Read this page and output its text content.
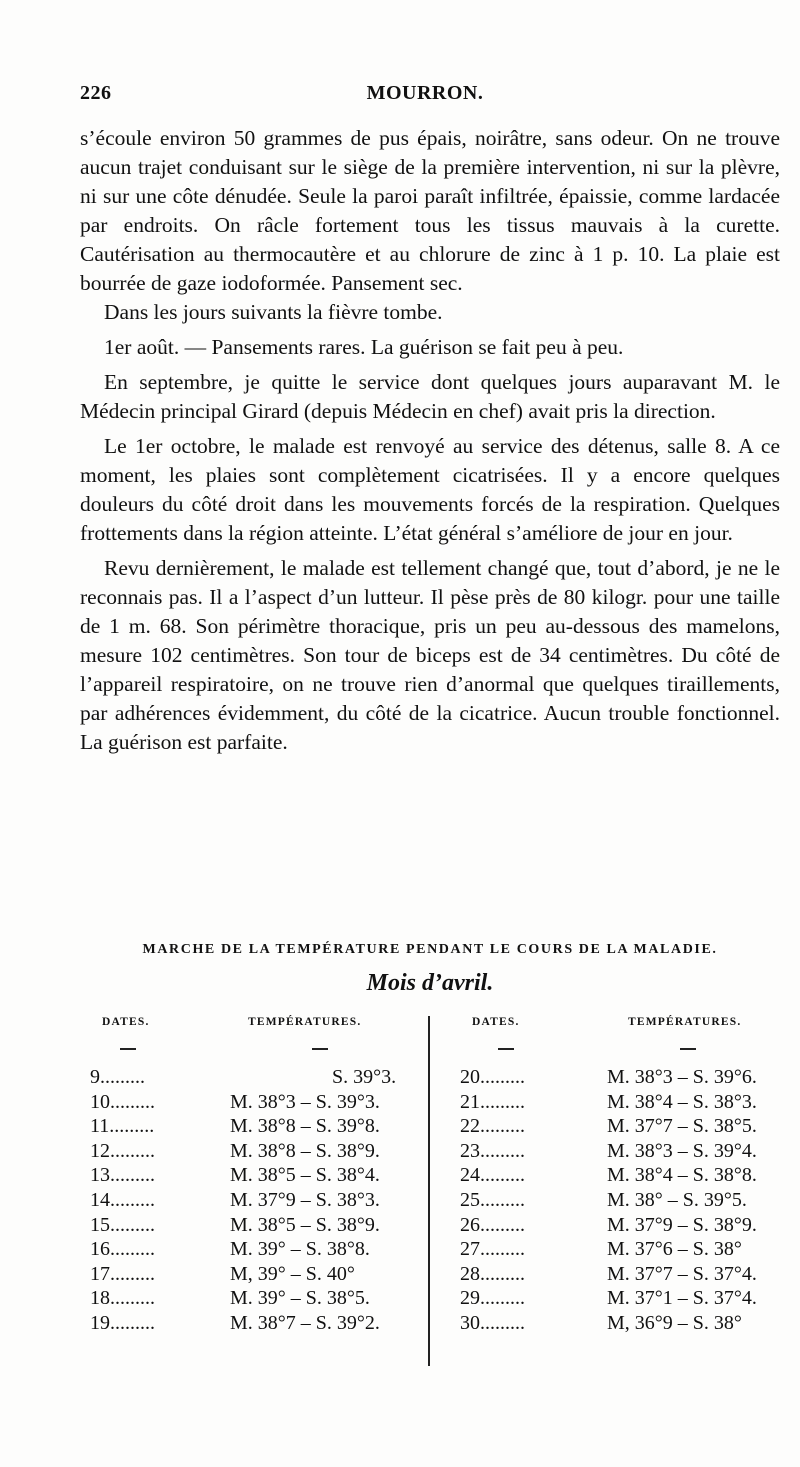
226	MOURRON.

s’écoule environ 50 grammes de pus épais, noirâtre, sans odeur. On ne trouve aucun trajet conduisant sur le siège de la première intervention, ni sur la plèvre, ni sur une côte dénudée. Seule la paroi paraît infiltrée, épaissie, comme lardacée par endroits. On râcle fortement tous les tissus mauvais à la curette. Cautérisation au thermocautère et au chlorure de zinc à 1 p. 10. La plaie est bourrée de gaze iodoformée. Pansement sec.

Dans les jours suivants la fièvre tombe.

1er août. — Pansements rares. La guérison se fait peu à peu.

En septembre, je quitte le service dont quelques jours auparavant M. le Médecin principal Girard (depuis Médecin en chef) avait pris la direction.

Le 1er octobre, le malade est renvoyé au service des détenus, salle 8. A ce moment, les plaies sont complètement cicatrisées. Il y a encore quelques douleurs du côté droit dans les mouvements forcés de la respiration. Quelques frottements dans la région atteinte. L’état général s’améliore de jour en jour.

Revu dernièrement, le malade est tellement changé que, tout d’abord, je ne le reconnais pas. Il a l’aspect d’un lutteur. Il pèse près de 80 kilogr. pour une taille de 1 m. 68. Son périmètre thoracique, pris un peu au-dessous des mamelons, mesure 102 centimètres. Son tour de biceps est de 34 centimètres. Du côté de l’appareil respiratoire, on ne trouve rien d’anormal que quelques tiraillements, par adhérences évidemment, du côté de la cicatrice. Aucun trouble fonctionnel. La guérison est parfaite.

MARCHE DE LA TEMPÉRATURE PENDANT LE COURS DE LA MALADIE.
Mois d’avril.
DATES.	TEMPÉRATURES.	DATES.	TEMPÉRATURES.
9.........	S. 39°3.	20.........	M. 38°3 – S. 39°6.
10.........	M. 38°3 – S. 39°3.	21.........	M. 38°4 – S. 38°3.
11.........	M. 38°8 – S. 39°8.	22.........	M. 37°7 – S. 38°5.
12.........	M. 38°8 – S. 38°9.	23.........	M. 38°3 – S. 39°4.
13.........	M. 38°5 – S. 38°4.	24.........	M. 38°4 – S. 38°8.
14.........	M. 37°9 – S. 38°3.	25.........	M. 38° – S. 39°5.
15.........	M. 38°5 – S. 38°9.	26.........	M. 37°9 – S. 38°9.
16.........	M. 39° – S. 38°8.	27.........	M. 37°6 – S. 38°
17.........	M, 39° – S. 40°	28.........	M. 37°7 – S. 37°4.
18.........	M. 39° – S. 38°5.	29.........	M. 37°1 – S. 37°4.
19.........	M. 38°7 – S. 39°2.	30.........	M, 36°9 – S. 38°
